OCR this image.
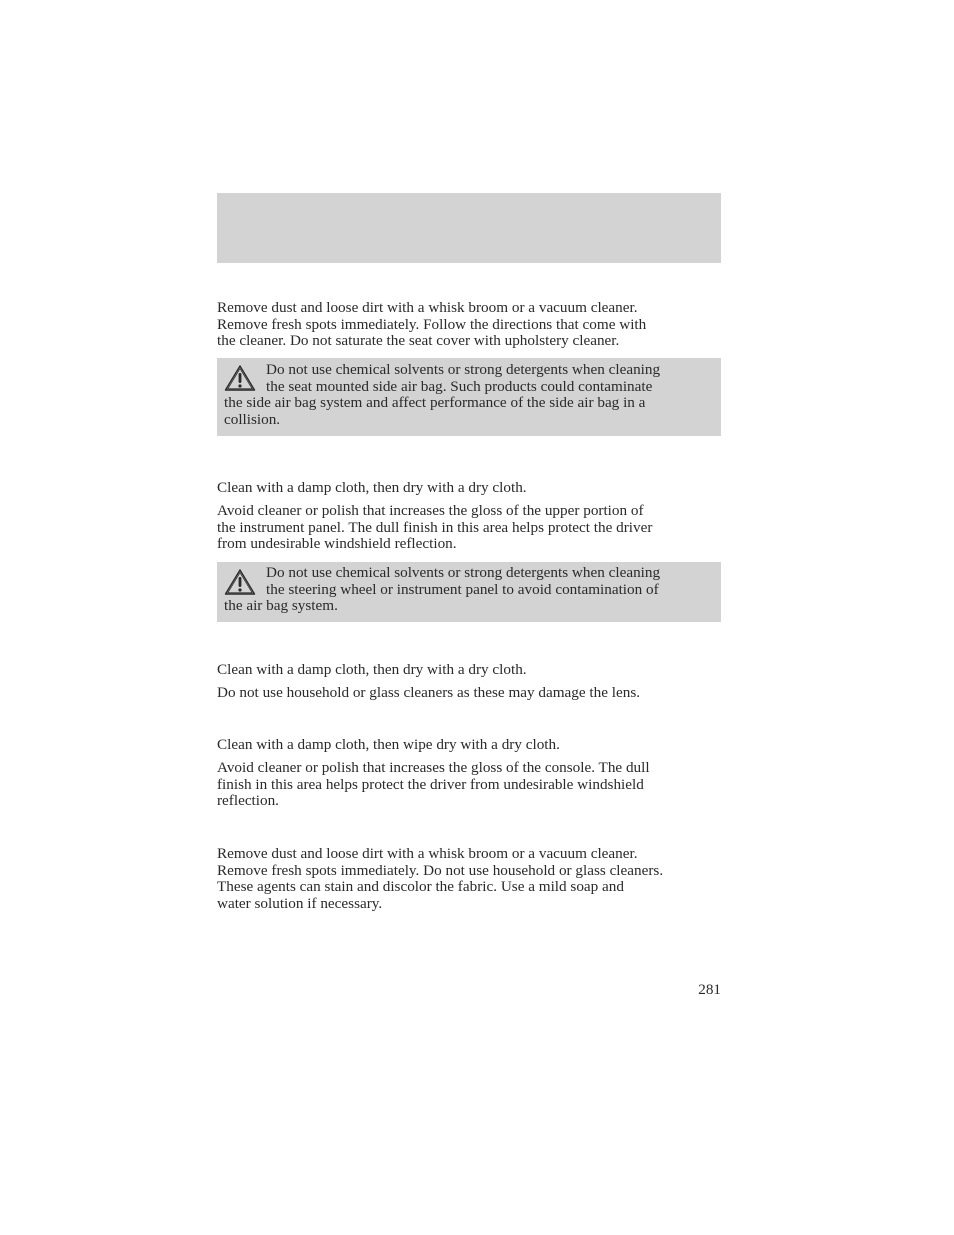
Remove dust and loose dirt with a whisk broom or a vacuum cleaner.
Remove fresh spots immediately. Follow the directions that come with
the cleaner. Do not saturate the seat cover with upholstery cleaner.

Do not use chemical solvents or strong detergents when cleaning
the seat mounted side air bag. Such products could contaminate
the side air bag system and affect performance of the side air bag in a
collision.

Clean with a damp cloth, then dry with a dry cloth.

Avoid cleaner or polish that increases the gloss of the upper portion of
the instrument panel. The dull finish in this area helps protect the driver
from undesirable windshield reflection.

Do not use chemical solvents or strong detergents when cleaning
the steering wheel or instrument panel to avoid contamination of
the air bag system.

Clean with a damp cloth, then dry with a dry cloth.

Do not use household or glass cleaners as these may damage the lens.

Clean with a damp cloth, then wipe dry with a dry cloth.

Avoid cleaner or polish that increases the gloss of the console. The dull
finish in this area helps protect the driver from undesirable windshield
reflection.

Remove dust and loose dirt with a whisk broom or a vacuum cleaner.
Remove fresh spots immediately. Do not use household or glass cleaners.
These agents can stain and discolor the fabric. Use a mild soap and
water solution if necessary.

281
